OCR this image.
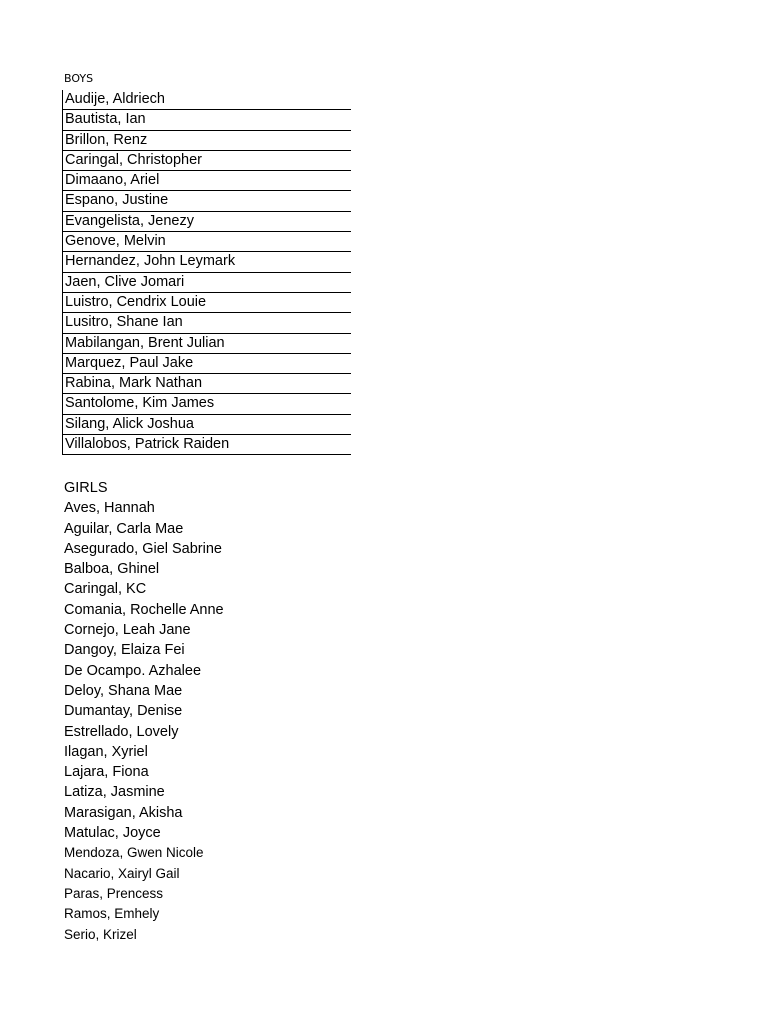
BOYS
Audije, Aldriech
Bautista, Ian
Brillon, Renz
Caringal, Christopher
Dimaano, Ariel
Espano, Justine
Evangelista, Jenezy
Genove, Melvin
Hernandez, John Leymark
Jaen, Clive Jomari
Luistro, Cendrix Louie
Lusitro, Shane Ian
Mabilangan, Brent Julian
Marquez, Paul Jake
Rabina, Mark Nathan
Santolome, Kim James
Silang, Alick Joshua
Villalobos, Patrick Raiden
GIRLS
Aves, Hannah
Aguilar, Carla Mae
Asegurado, Giel Sabrine
Balboa, Ghinel
Caringal, KC
Comania, Rochelle Anne
Cornejo, Leah Jane
Dangoy, Elaiza Fei
De Ocampo. Azhalee
Deloy, Shana Mae
Dumantay, Denise
Estrellado, Lovely
Ilagan, Xyriel
Lajara, Fiona
Latiza, Jasmine
Marasigan, Akisha
Matulac, Joyce
Mendoza, Gwen Nicole
Nacario, Xairyl Gail
Paras, Prencess
Ramos, Emhely
Serio, Krizel
